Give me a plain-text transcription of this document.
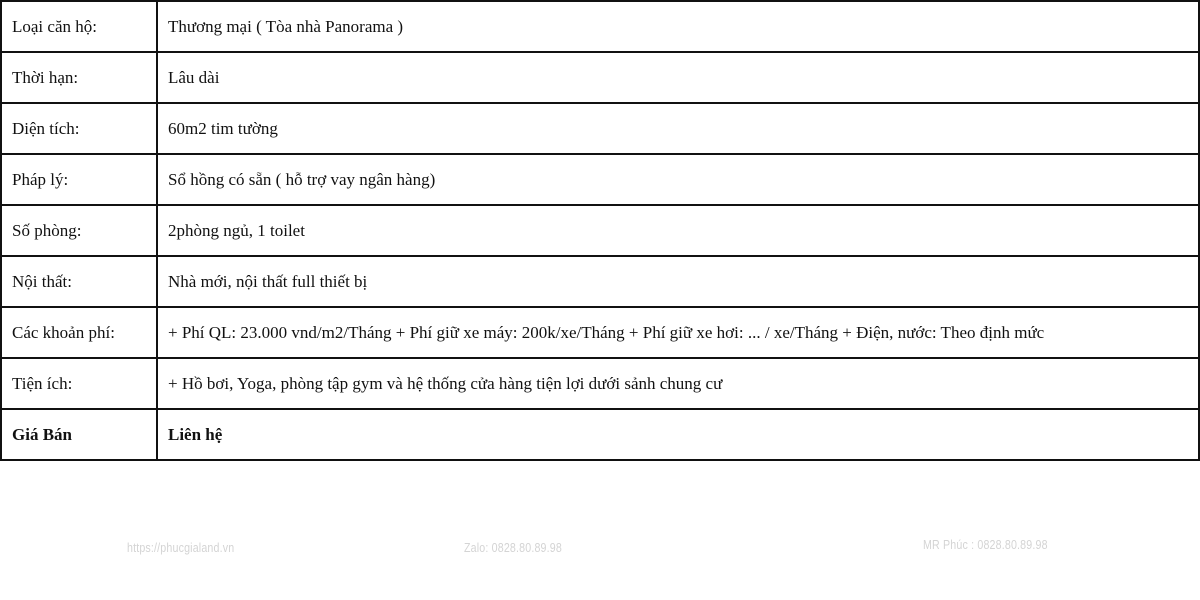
Loại căn hộ:	Thương mại ( Tòa nhà Panorama )
Thời hạn:	Lâu dài
Diện tích:	60m2 tim tường
Pháp lý:	Sổ hồng có sẵn ( hỗ trợ vay ngân hàng)
Số phòng:	2phòng ngủ, 1 toilet
Nội thất:	Nhà mới, nội thất full thiết bị
Các khoản phí:	+ Phí QL: 23.000 vnd/m2/Tháng + Phí giữ xe máy: 200k/xe/Tháng + Phí giữ xe hơi: ... / xe/Tháng + Điện, nước: Theo định mức
Tiện ích:	+ Hồ bơi, Yoga, phòng tập gym và hệ thống cửa hàng tiện lợi dưới sảnh chung cư
Giá Bán	Liên hệ
https://phucgialand.vn	Zalo: 0828.80.89.98	MR Phúc : 0828.80.89.98
